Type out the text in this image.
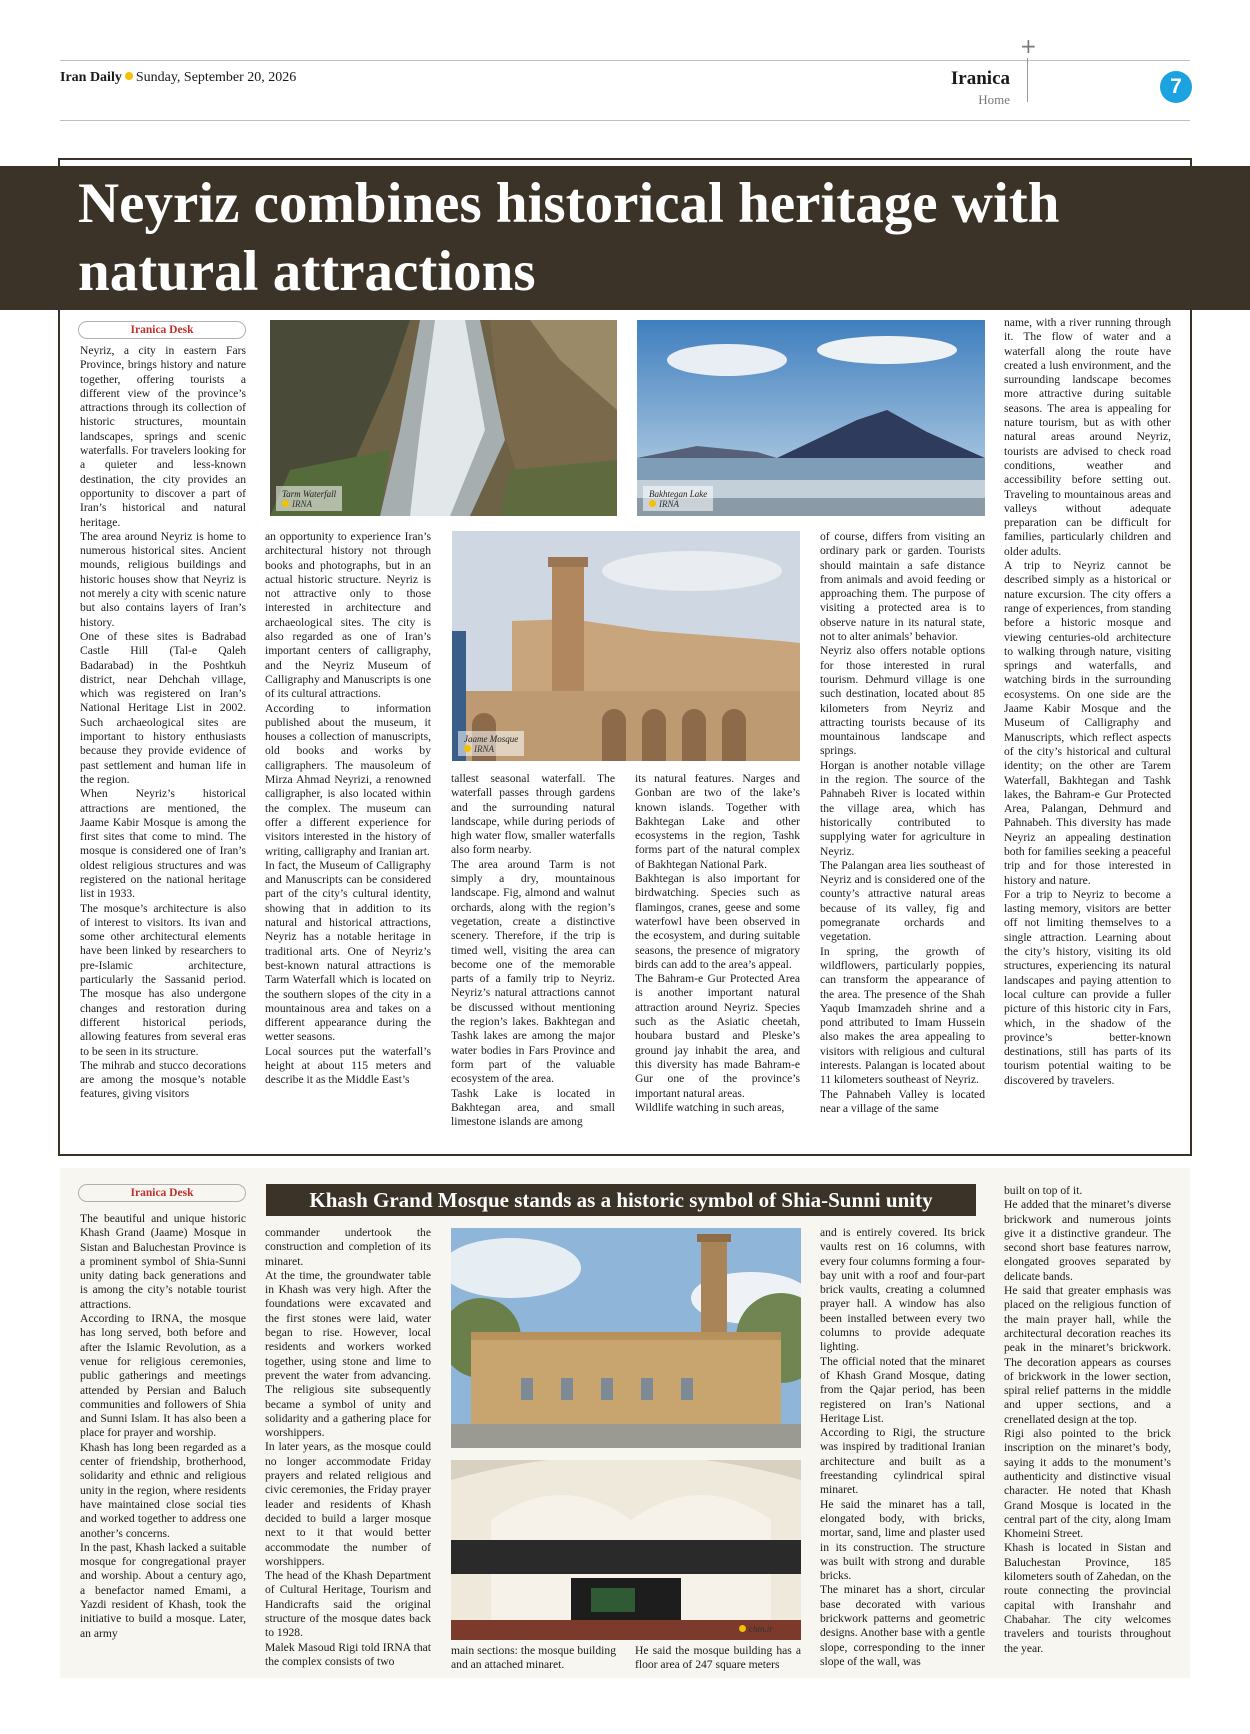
Iran Daily Sunday, September 20, 2026
+
Iranica
Home
7
Neyriz combines historical heritage with natural attractions
Iranica Desk

Neyriz, a city in eastern Fars Province, brings history and nature together, offering tourists a different view of the province’s attractions through its collection of historic structures, mountain landscapes, springs and scenic waterfalls. For travelers looking for a quieter and less-known destination, the city provides an opportunity to discover a part of Iran’s historical and natural heritage.

The area around Neyriz is home to numerous historical sites. Ancient mounds, religious buildings and historic houses show that Neyriz is not merely a city with scenic nature but also contains layers of Iran’s history.

One of these sites is Badrabad Castle Hill (Tal-e Qaleh Badarabad) in the Poshtkuh district, near Dehchah village, which was registered on Iran’s National Heritage List in 2002. Such archaeological sites are important to history enthusiasts because they provide evidence of past settlement and human life in the region.

When Neyriz’s historical attractions are mentioned, the Jaame Kabir Mosque is among the first sites that come to mind. The mosque is considered one of Iran’s oldest religious structures and was registered on the national heritage list in 1933.

The mosque’s architecture is also of interest to visitors. Its ivan and some other architectural elements have been linked by researchers to pre-Islamic architecture, particularly the Sassanid period. The mosque has also undergone changes and restoration during different historical periods, allowing features from several eras to be seen in its structure.

The mihrab and stucco decorations are among the mosque’s notable features, giving visitors

an opportunity to experience Iran’s architectural history not through books and photographs, but in an actual historic structure. Neyriz is not attractive only to those interested in architecture and archaeological sites. The city is also regarded as one of Iran’s important centers of calligraphy, and the Neyriz Museum of Calligraphy and Manuscripts is one of its cultural attractions.

According to information published about the museum, it houses a collection of manuscripts, old books and works by calligraphers. The mausoleum of Mirza Ahmad Neyrizi, a renowned calligrapher, is also located within the complex. The museum can offer a different experience for visitors interested in the history of writing, calligraphy and Iranian art.

In fact, the Museum of Calligraphy and Manuscripts can be considered part of the city’s cultural identity, showing that in addition to its natural and historical attractions, Neyriz has a notable heritage in traditional arts. One of Neyriz’s best-known natural attractions is Tarm Waterfall which is located on the southern slopes of the city in a mountainous area and takes on a different appearance during the wetter seasons.

Local sources put the waterfall’s height at about 115 meters and describe it as the Middle East’s

tallest seasonal waterfall. The waterfall passes through gardens and the surrounding natural landscape, while during periods of high water flow, smaller waterfalls also form nearby.

The area around Tarm is not simply a dry, mountainous landscape. Fig, almond and walnut orchards, along with the region’s vegetation, create a distinctive scenery. Therefore, if the trip is timed well, visiting the area can become one of the memorable parts of a family trip to Neyriz. Neyriz’s natural attractions cannot be discussed without mentioning the region’s lakes. Bakhtegan and Tashk lakes are among the major water bodies in Fars Province and form part of the valuable ecosystem of the area.

Tashk Lake is located in Bakhtegan area, and small limestone islands are among

its natural features. Narges and Gonban are two of the lake’s known islands. Together with Bakhtegan Lake and other ecosystems in the region, Tashk forms part of the natural complex of Bakhtegan National Park.

Bakhtegan is also important for birdwatching. Species such as flamingos, cranes, geese and some waterfowl have been observed in the ecosystem, and during suitable seasons, the presence of migratory birds can add to the area’s appeal.

The Bahram-e Gur Protected Area is another important natural attraction around Neyriz. Species such as the Asiatic cheetah, houbara bustard and Pleske’s ground jay inhabit the area, and this diversity has made Bahram-e Gur one of the province’s important natural areas.

Wildlife watching in such areas,

of course, differs from visiting an ordinary park or garden. Tourists should maintain a safe distance from animals and avoid feeding or approaching them. The purpose of visiting a protected area is to observe nature in its natural state, not to alter animals’ behavior.

Neyriz also offers notable options for those interested in rural tourism. Dehmurd village is one such destination, located about 85 kilometers from Neyriz and attracting tourists because of its mountainous landscape and springs.

Horgan is another notable village in the region. The source of the Pahnabeh River is located within the village area, which has historically contributed to supplying water for agriculture in Neyriz.

The Palangan area lies southeast of Neyriz and is considered one of the county’s attractive natural areas because of its valley, fig and pomegranate orchards and vegetation.

In spring, the growth of wildflowers, particularly poppies, can transform the appearance of the area. The presence of the Shah Yaqub Imamzadeh shrine and a pond attributed to Imam Hussein also makes the area appealing to visitors with religious and cultural interests. Palangan is located about 11 kilometers southeast of Neyriz.

The Pahnabeh Valley is located near a village of the same

name, with a river running through it. The flow of water and a waterfall along the route have created a lush environment, and the surrounding landscape becomes more attractive during suitable seasons. The area is appealing for nature tourism, but as with other natural areas around Neyriz, tourists are advised to check road conditions, weather and accessibility before setting out. Traveling to mountainous areas and valleys without adequate preparation can be difficult for families, particularly children and older adults.

A trip to Neyriz cannot be described simply as a historical or nature excursion. The city offers a range of experiences, from standing before a historic mosque and viewing centuries-old architecture to walking through nature, visiting springs and waterfalls, and watching birds in the surrounding ecosystems. On one side are the Jaame Kabir Mosque and the Museum of Calligraphy and Manuscripts, which reflect aspects of the city’s historical and cultural identity; on the other are Tarem Waterfall, Bakhtegan and Tashk lakes, the Bahram-e Gur Protected Area, Palangan, Dehmurd and Pahnabeh. This diversity has made Neyriz an appealing destination both for families seeking a peaceful trip and for those interested in history and nature.

For a trip to Neyriz to become a lasting memory, visitors are better off not limiting themselves to a single attraction. Learning about the city’s history, visiting its old structures, experiencing its natural landscapes and paying attention to local culture can provide a fuller picture of this historic city in Fars, which, in the shadow of the province’s better-known destinations, still has parts of its tourism potential waiting to be discovered by travelers.

Tarm Waterfall
IRNA
Bakhtegan Lake
IRNA
Jaame Mosque
IRNA
Iranica Desk	Khash Grand Mosque stands as a historic symbol of Shia-Sunni unity

The beautiful and unique historic Khash Grand (Jaame) Mosque in Sistan and Baluchestan Province is a prominent symbol of Shia-Sunni unity dating back generations and is among the city’s notable tourist attractions.

According to IRNA, the mosque has long served, both before and after the Islamic Revolution, as a venue for religious ceremonies, public gatherings and meetings attended by Persian and Baluch communities and followers of Shia and Sunni Islam. It has also been a place for prayer and worship.

Khash has long been regarded as a center of friendship, brotherhood, solidarity and ethnic and religious unity in the region, where residents have maintained close social ties and worked together to address one another’s concerns.

In the past, Khash lacked a suitable mosque for congregational prayer and worship. About a century ago, a benefactor named Emami, a Yazdi resident of Khash, took the initiative to build a mosque. Later, an army

commander undertook the construction and completion of its minaret.

At the time, the groundwater table in Khash was very high. After the foundations were excavated and the first stones were laid, water began to rise. However, local residents and workers worked together, using stone and lime to prevent the water from advancing. The religious site subsequently became a symbol of unity and solidarity and a gathering place for worshippers.

In later years, as the mosque could no longer accommodate Friday prayers and related religious and civic ceremonies, the Friday prayer leader and residents of Khash decided to build a larger mosque next to it that would better accommodate the number of worshippers.

The head of the Khash Department of Cultural Heritage, Tourism and Handicrafts said the original structure of the mosque dates back to 1928.

Malek Masoud Rigi told IRNA that the complex consists of two

main sections: the mosque building and an attached minaret.

He said the mosque building has a floor area of 247 square meters

and is entirely covered. Its brick vaults rest on 16 columns, with every four columns forming a four-bay unit with a roof and four-part brick vaults, creating a columned prayer hall. A window has also been installed between every two columns to provide adequate lighting.

The official noted that the minaret of Khash Grand Mosque, dating from the Qajar period, has been registered on Iran’s National Heritage List.

According to Rigi, the structure was inspired by traditional Iranian architecture and built as a freestanding cylindrical spiral minaret.

He said the minaret has a tall, elongated body, with bricks, mortar, sand, lime and plaster used in its construction. The structure was built with strong and durable bricks.

The minaret has a short, circular base decorated with various brickwork patterns and geometric designs. Another base with a gentle slope, corresponding to the inner slope of the wall, was

built on top of it.

He added that the minaret’s diverse brickwork and numerous joints give it a distinctive grandeur. The second short base features narrow, elongated grooves separated by delicate bands.

He said that greater emphasis was placed on the religious function of the main prayer hall, while the architectural decoration reaches its peak in the minaret’s brickwork. The decoration appears as courses of brickwork in the lower section, spiral relief patterns in the middle and upper sections, and a crenellated design at the top.

Rigi also pointed to the brick inscription on the minaret’s body, saying it adds to the monument’s authenticity and distinctive visual character. He noted that Khash Grand Mosque is located in the central part of the city, along Imam Khomeini Street.

Khash is located in Sistan and Baluchestan Province, 185 kilometers south of Zahedan, on the route connecting the provincial capital with Iranshahr and Chabahar. The city welcomes travelers and tourists throughout the year.

chtn.ir
